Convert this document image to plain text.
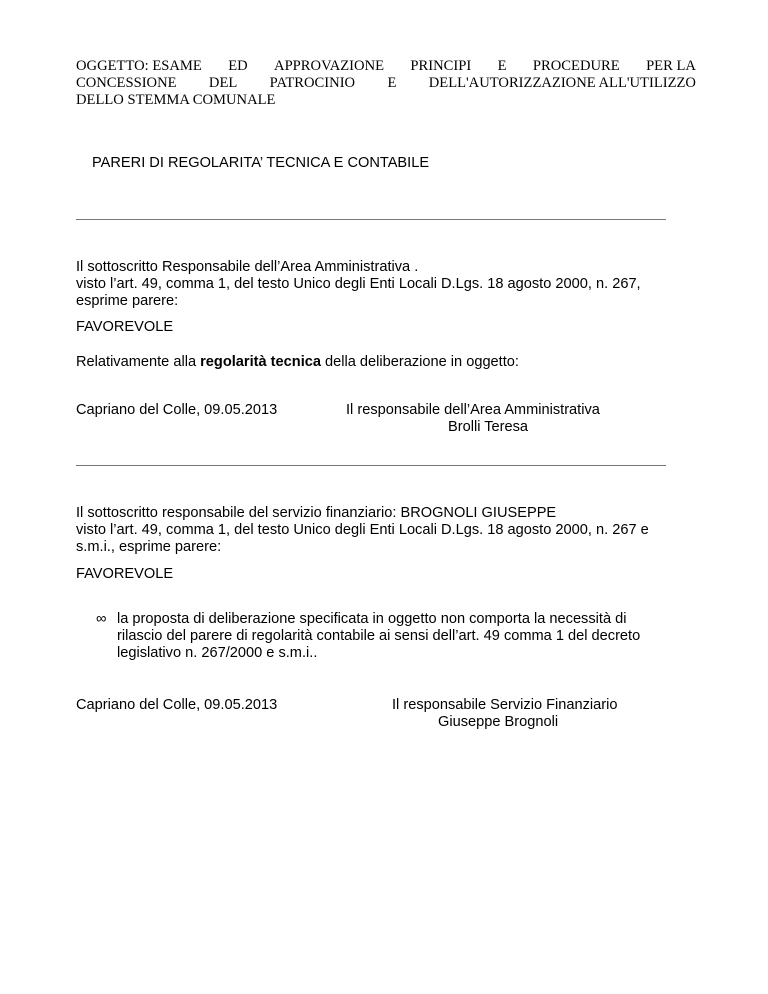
OGGETTO: ESAME ED APPROVAZIONE PRINCIPI E PROCEDURE PER LA
CONCESSIONE DEL PATROCINIO E DELL'AUTORIZZAZIONE ALL'UTILIZZO
DELLO STEMMA COMUNALE
PARERI DI REGOLARITA’ TECNICA E CONTABILE
Il sottoscritto Responsabile dell’Area Amministrativa .
visto l’art. 49, comma 1, del testo Unico degli Enti Locali D.Lgs. 18 agosto 2000, n. 267,
esprime parere:
FAVOREVOLE
Relativamente alla regolarità tecnica della deliberazione in oggetto:
Capriano del Colle, 09.05.2013	Il responsabile dell’Area Amministrativa
Brolli Teresa
Il sottoscritto responsabile del servizio finanziario: BROGNOLI GIUSEPPE
visto l’art. 49, comma 1, del testo Unico degli Enti Locali D.Lgs. 18 agosto 2000, n. 267 e
s.m.i., esprime parere:
FAVOREVOLE
∞ la proposta di deliberazione specificata in oggetto non comporta la necessità di
rilascio del parere di regolarità contabile ai sensi dell’art. 49 comma 1 del decreto
legislativo n. 267/2000 e s.m.i..
Capriano del Colle, 09.05.2013	Il responsabile Servizio Finanziario
Giuseppe Brognoli
